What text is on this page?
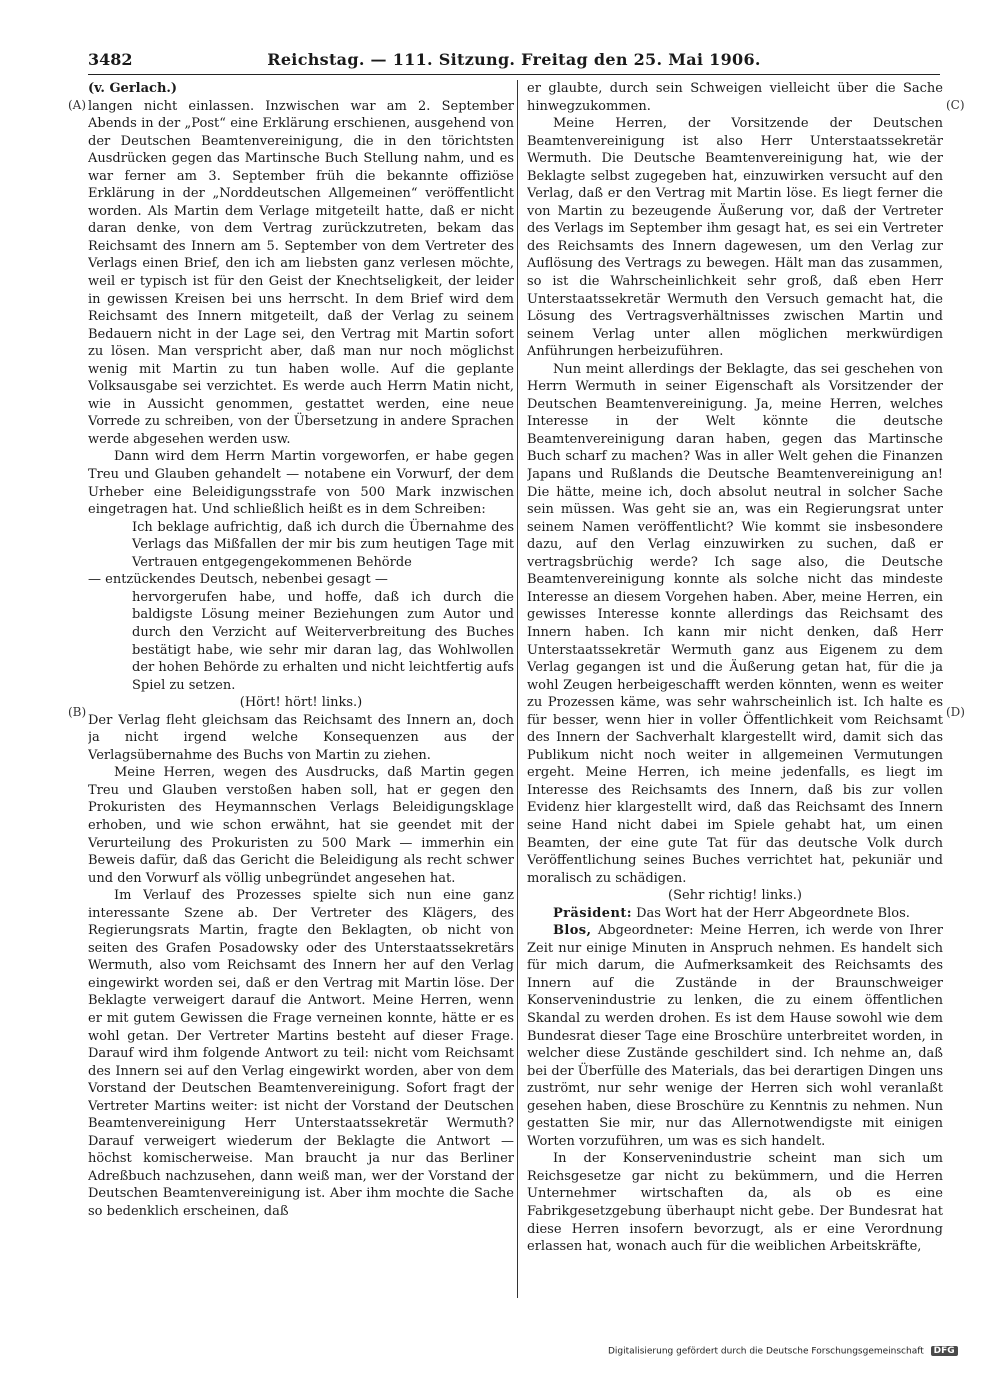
3482	Reichstag. — 111. Sitzung. Freitag den 25. Mai 1906.
(A)
(B)
(C)
(D)

(v. Gerlach.)

langen nicht einlassen. Inzwischen war am 2. September Abends in der „Post“ eine Erklärung erschienen, ausgehend von der Deutschen Beamtenvereinigung, die in den törichtsten Ausdrücken gegen das Martinsche Buch Stellung nahm, und es war ferner am 3. September früh die bekannte offiziöse Erklärung in der „Norddeutschen Allgemeinen“ veröffentlicht worden. Als Martin dem Verlage mitgeteilt hatte, daß er nicht daran denke, von dem Vertrag zurückzutreten, bekam das Reichsamt des Innern am 5. September von dem Vertreter des Verlags einen Brief, den ich am liebsten ganz verlesen möchte, weil er typisch ist für den Geist der Knechtseligkeit, der leider in gewissen Kreisen bei uns herrscht. In dem Brief wird dem Reichsamt des Innern mitgeteilt, daß der Verlag zu seinem Bedauern nicht in der Lage sei, den Vertrag mit Martin sofort zu lösen. Man verspricht aber, daß man nur noch möglichst wenig mit Martin zu tun haben wolle. Auf die geplante Volksausgabe sei verzichtet. Es werde auch Herrn Matin nicht, wie in Aussicht genommen, gestattet werden, eine neue Vorrede zu schreiben, von der Übersetzung in andere Sprachen werde abgesehen werden usw.

Dann wird dem Herrn Martin vorgeworfen, er habe gegen Treu und Glauben gehandelt — notabene ein Vorwurf, der dem Urheber eine Beleidigungsstrafe von 500 Mark inzwischen eingetragen hat. Und schließlich heißt es in dem Schreiben:

Ich beklage aufrichtig, daß ich durch die Übernahme des Verlags das Mißfallen der mir bis zum heutigen Tage mit Vertrauen entgegengekommenen Behörde

— entzückendes Deutsch, nebenbei gesagt —

hervorgerufen habe, und hoffe, daß ich durch die baldigste Lösung meiner Beziehungen zum Autor und durch den Verzicht auf Weiterverbreitung des Buches bestätigt habe, wie sehr mir daran lag, das Wohlwollen der hohen Behörde zu erhalten und nicht leichtfertig aufs Spiel zu setzen.

(Hört! hört! links.)

Der Verlag fleht gleichsam das Reichsamt des Innern an, doch ja nicht irgend welche Konsequenzen aus der Verlagsübernahme des Buchs von Martin zu ziehen.

Meine Herren, wegen des Ausdrucks, daß Martin gegen Treu und Glauben verstoßen haben soll, hat er gegen den Prokuristen des Heymannschen Verlags Beleidigungsklage erhoben, und wie schon erwähnt, hat sie geendet mit der Verurteilung des Prokuristen zu 500 Mark — immerhin ein Beweis dafür, daß das Gericht die Beleidigung als recht schwer und den Vorwurf als völlig unbegründet angesehen hat.

Im Verlauf des Prozesses spielte sich nun eine ganz interessante Szene ab. Der Vertreter des Klägers, des Regierungsrats Martin, fragte den Beklagten, ob nicht von seiten des Grafen Posadowsky oder des Unterstaatssekretärs Wermuth, also vom Reichsamt des Innern her auf den Verlag eingewirkt worden sei, daß er den Vertrag mit Martin löse. Der Beklagte verweigert darauf die Antwort. Meine Herren, wenn er mit gutem Gewissen die Frage verneinen konnte, hätte er es wohl getan. Der Vertreter Martins besteht auf dieser Frage. Darauf wird ihm folgende Antwort zu teil: nicht vom Reichsamt des Innern sei auf den Verlag eingewirkt worden, aber von dem Vorstand der Deutschen Beamtenvereinigung. Sofort fragt der Vertreter Martins weiter: ist nicht der Vorstand der Deutschen Beamtenvereinigung Herr Unterstaatssekretär Wermuth? Darauf verweigert wiederum der Beklagte die Antwort — höchst komischerweise. Man braucht ja nur das Berliner Adreßbuch nachzusehen, dann weiß man, wer der Vorstand der Deutschen Beamtenvereinigung ist. Aber ihm mochte die Sache so bedenklich erscheinen, daß

er glaubte, durch sein Schweigen vielleicht über die Sache hinwegzukommen.

Meine Herren, der Vorsitzende der Deutschen Beamtenvereinigung ist also Herr Unterstaatssekretär Wermuth. Die Deutsche Beamtenvereinigung hat, wie der Beklagte selbst zugegeben hat, einzuwirken versucht auf den Verlag, daß er den Vertrag mit Martin löse. Es liegt ferner die von Martin zu bezeugende Äußerung vor, daß der Vertreter des Verlags im September ihm gesagt hat, es sei ein Vertreter des Reichsamts des Innern dagewesen, um den Verlag zur Auflösung des Vertrags zu bewegen. Hält man das zusammen, so ist die Wahrscheinlichkeit sehr groß, daß eben Herr Unterstaatssekretär Wermuth den Versuch gemacht hat, die Lösung des Vertragsverhältnisses zwischen Martin und seinem Verlag unter allen möglichen merkwürdigen Anführungen herbeizuführen.

Nun meint allerdings der Beklagte, das sei geschehen von Herrn Wermuth in seiner Eigenschaft als Vorsitzender der Deutschen Beamtenvereinigung. Ja, meine Herren, welches Interesse in der Welt könnte die deutsche Beamtenvereinigung daran haben, gegen das Martinsche Buch scharf zu machen? Was in aller Welt gehen die Finanzen Japans und Rußlands die Deutsche Beamtenvereinigung an! Die hätte, meine ich, doch absolut neutral in solcher Sache sein müssen. Was geht sie an, was ein Regierungsrat unter seinem Namen veröffentlicht? Wie kommt sie insbesondere dazu, auf den Verlag einzuwirken zu suchen, daß er vertragsbrüchig werde? Ich sage also, die Deutsche Beamtenvereinigung konnte als solche nicht das mindeste Interesse an diesem Vorgehen haben. Aber, meine Herren, ein gewisses Interesse konnte allerdings das Reichsamt des Innern haben. Ich kann mir nicht denken, daß Herr Unterstaatssekretär Wermuth ganz aus Eigenem zu dem Verlag gegangen ist und die Äußerung getan hat, für die ja wohl Zeugen herbeigeschafft werden könnten, wenn es weiter zu Prozessen käme, was sehr wahrscheinlich ist. Ich halte es für besser, wenn hier in voller Öffentlichkeit vom Reichsamt des Innern der Sachverhalt klargestellt wird, damit sich das Publikum nicht noch weiter in allgemeinen Vermutungen ergeht. Meine Herren, ich meine jedenfalls, es liegt im Interesse des Reichsamts des Innern, daß bis zur vollen Evidenz hier klargestellt wird, daß das Reichsamt des Innern seine Hand nicht dabei im Spiele gehabt hat, um einen Beamten, der eine gute Tat für das deutsche Volk durch Veröffentlichung seines Buches verrichtet hat, pekuniär und moralisch zu schädigen.

(Sehr richtig! links.)

Präsident: Das Wort hat der Herr Abgeordnete Blos.

Blos, Abgeordneter: Meine Herren, ich werde von Ihrer Zeit nur einige Minuten in Anspruch nehmen. Es handelt sich für mich darum, die Aufmerksamkeit des Reichsamts des Innern auf die Zustände in der Braunschweiger Konservenindustrie zu lenken, die zu einem öffentlichen Skandal zu werden drohen. Es ist dem Hause sowohl wie dem Bundesrat dieser Tage eine Broschüre unterbreitet worden, in welcher diese Zustände geschildert sind. Ich nehme an, daß bei der Überfülle des Materials, das bei derartigen Dingen uns zuströmt, nur sehr wenige der Herren sich wohl veranlaßt gesehen haben, diese Broschüre zu Kenntnis zu nehmen. Nun gestatten Sie mir, nur das Allernotwendigste mit einigen Worten vorzuführen, um was es sich handelt.

In der Konservenindustrie scheint man sich um Reichsgesetze gar nicht zu bekümmern, und die Herren Unternehmer wirtschaften da, als ob es eine Fabrikgesetzgebung überhaupt nicht gebe. Der Bundesrat hat diese Herren insofern bevorzugt, als er eine Verordnung erlassen hat, wonach auch für die weiblichen Arbeitskräfte,

Digitalisierung gefördert durch die Deutsche Forschungsgemeinschaft DFG
